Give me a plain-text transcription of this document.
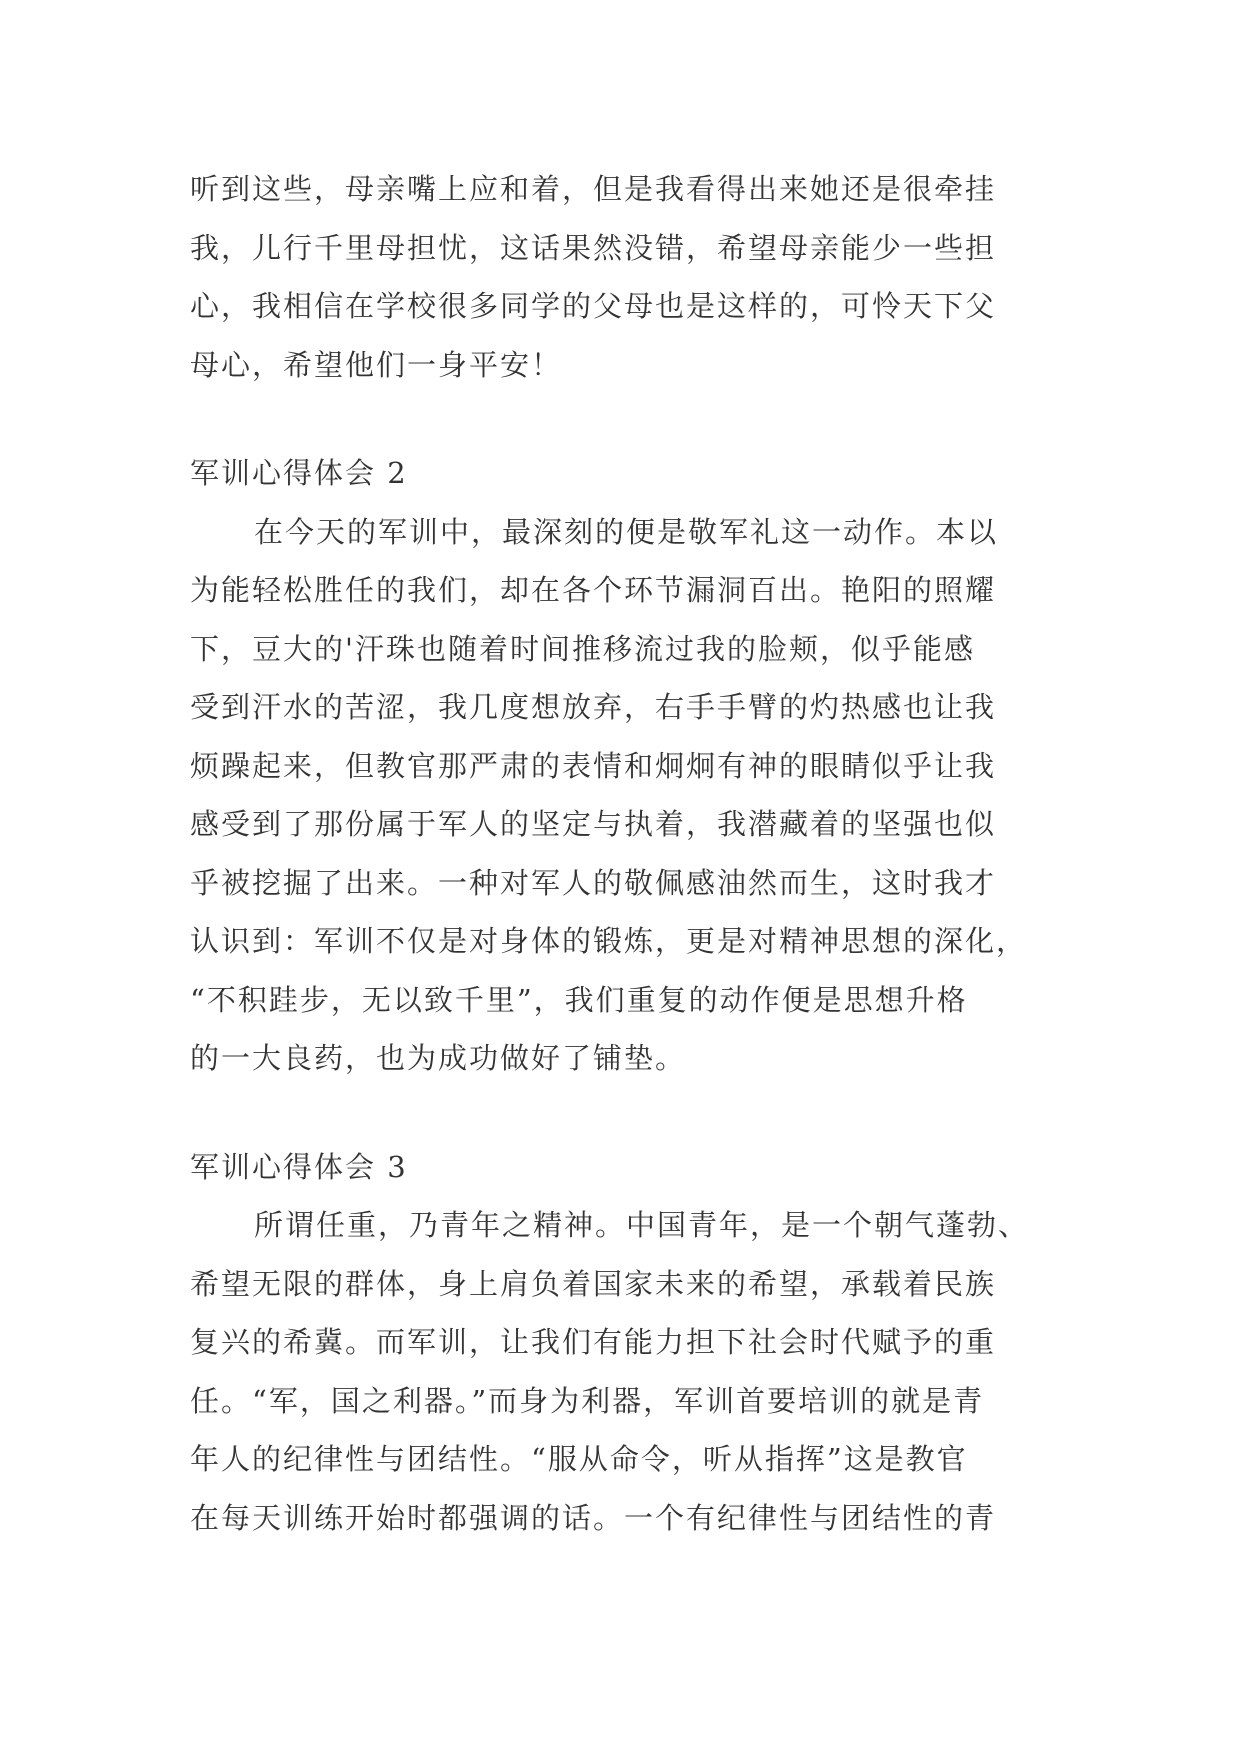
听到这些，母亲嘴上应和着，但是我看得出来她还是很牵挂
我，儿行千里母担忧，这话果然没错，希望母亲能少一些担
心，我相信在学校很多同学的父母也是这样的，可怜天下父
母心，希望他们一身平安！

军训心得体会 2

在今天的军训中，最深刻的便是敬军礼这一动作。本以
为能轻松胜任的我们，却在各个环节漏洞百出。艳阳的照耀
下，豆大的'汗珠也随着时间推移流过我的脸颊，似乎能感
受到汗水的苦涩，我几度想放弃，右手手臂的灼热感也让我
烦躁起来，但教官那严肃的表情和炯炯有神的眼睛似乎让我
感受到了那份属于军人的坚定与执着，我潜藏着的坚强也似
乎被挖掘了出来。一种对军人的敬佩感油然而生，这时我才
认识到：军训不仅是对身体的锻炼，更是对精神思想的深化，
“不积跬步，无以致千里”，我们重复的动作便是思想升格
的一大良药，也为成功做好了铺垫。

军训心得体会 3

所谓任重，乃青年之精神。中国青年，是一个朝气蓬勃、
希望无限的群体，身上肩负着国家未来的希望，承载着民族
复兴的希冀。而军训，让我们有能力担下社会时代赋予的重
任。“军，国之利器。”而身为利器，军训首要培训的就是青
年人的纪律性与团结性。“服从命令，听从指挥”这是教官
在每天训练开始时都强调的话。一个有纪律性与团结性的青
